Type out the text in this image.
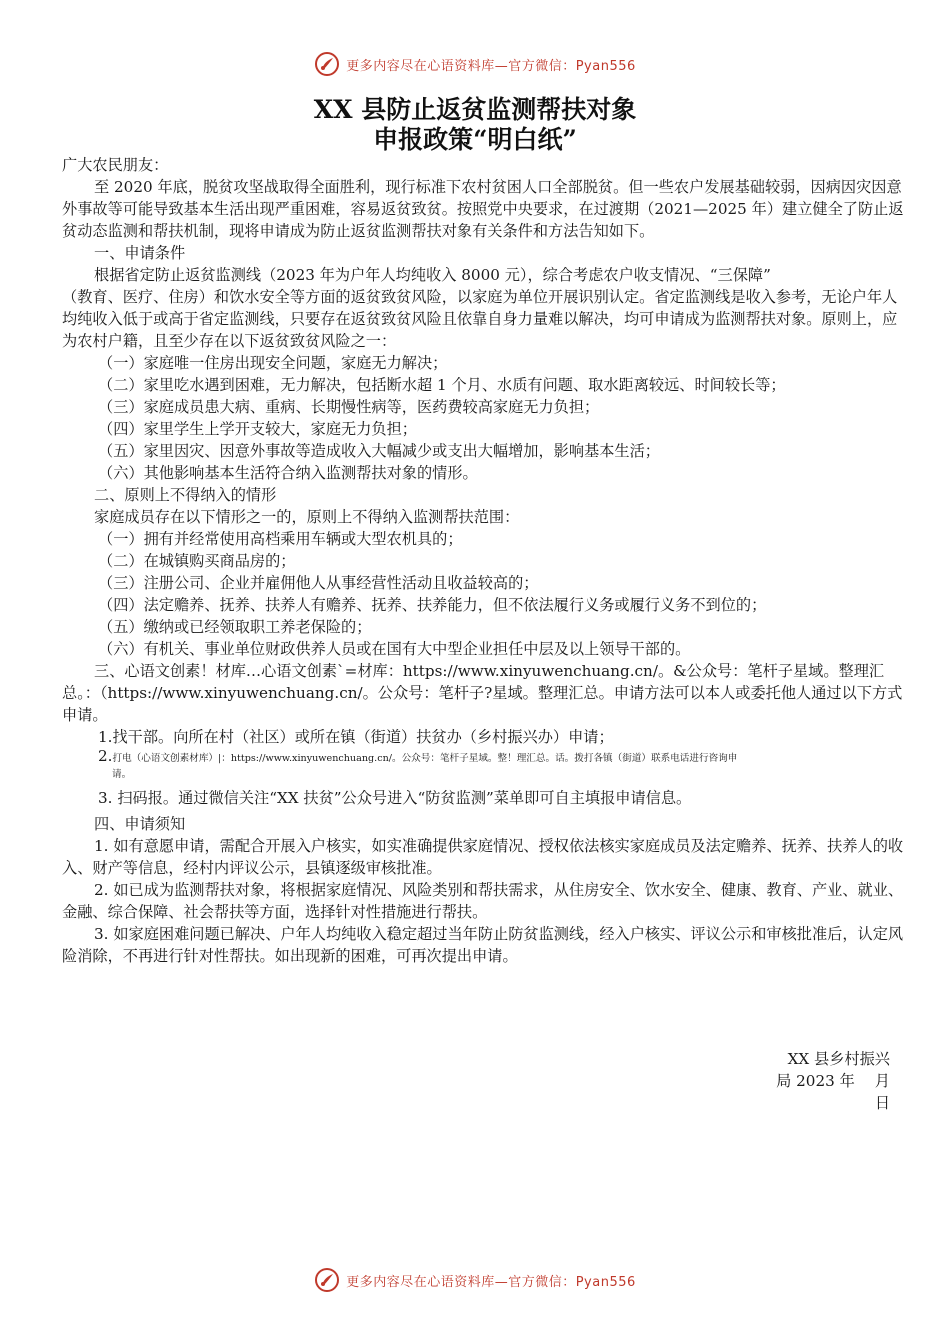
更多内容尽在心语资料库—官方微信：Pyan556
XX 县防止返贫监测帮扶对象
申报政策“明白纸”

广大农民朋友：

至 2020 年底，脱贫攻坚战取得全面胜利，现行标准下农村贫困人口全部脱贫。但一些农户发展基础较弱，因病因灾因意外事故等可能导致基本生活出现严重困难，容易返贫致贫。按照党中央要求，在过渡期（2021—2025 年）建立健全了防止返贫动态监测和帮扶机制，现将申请成为防止返贫监测帮扶对象有关条件和方法告知如下。

一、申请条件

根据省定防止返贫监测线（2023 年为户年人均纯收入 8000 元），综合考虑农户收支情况、“三保障”

（教育、医疗、住房）和饮水安全等方面的返贫致贫风险，以家庭为单位开展识别认定。省定监测线是收入参考，无论户年人均纯收入低于或高于省定监测线，只要存在返贫致贫风险且依靠自身力量难以解决，均可申请成为监测帮扶对象。原则上，应为农村户籍，且至少存在以下返贫致贫风险之一：

（一）家庭唯一住房出现安全问题，家庭无力解决；

（二）家里吃水遇到困难，无力解决，包括断水超 1 个月、水质有问题、取水距离较远、时间较长等；

（三）家庭成员患大病、重病、长期慢性病等，医药费较高家庭无力负担；

（四）家里学生上学开支较大，家庭无力负担；

（五）家里因灾、因意外事故等造成收入大幅减少或支出大幅增加，影响基本生活；

（六）其他影响基本生活符合纳入监测帮扶对象的情形。

二、原则上不得纳入的情形

家庭成员存在以下情形之一的，原则上不得纳入监测帮扶范围：

（一）拥有并经常使用高档乘用车辆或大型农机具的；

（二）在城镇购买商品房的；

（三）注册公司、企业并雇佣他人从事经营性活动且收益较高的；

（四）法定赡养、抚养、扶养人有赡养、抚养、扶养能力，但不依法履行义务或履行义务不到位的；

（五）缴纳或已经领取职工养老保险的；

（六）有机关、事业单位财政供养人员或在国有大中型企业担任中层及以上领导干部的。

三、心语文创素！材库…心语文创素`=材库：https://www.xinyuwenchuang.cn/。&公众号：笔杆子星域。整理汇总。：（https://www.xinyuwenchuang.cn/。公众号：笔杆子?星域。整理汇总。申请方法可以本人或委托他人通过以下方式申请。

1.找干部。向所在村（社区）或所在镇（街道）扶贫办（乡村振兴办）申请；

2.打电（心语文创素材库）|：https://www.xinyuwenchuang.cn/。公众号：笔杆子星域。整！理汇总。话。拨打各镇（街道）联系电话进行咨询申

请。

3. 扫码报。通过微信关注“XX 扶贫”公众号进入“防贫监测”菜单即可自主填报申请信息。

四、申请须知

1. 如有意愿申请，需配合开展入户核实，如实准确提供家庭情况、授权依法核实家庭成员及法定赡养、抚养、扶养人的收入、财产等信息，经村内评议公示，县镇逐级审核批准。

2. 如已成为监测帮扶对象，将根据家庭情况、风险类别和帮扶需求，从住房安全、饮水安全、健康、教育、产业、就业、金融、综合保障、社会帮扶等方面，选择针对性措施进行帮扶。

3. 如家庭困难问题已解决、户年人均纯收入稳定超过当年防止防贫监测线，经入户核实、评议公示和审核批准后，认定风险消除，不再进行针对性帮扶。如出现新的困难，可再次提出申请。

XX 县乡村振兴
局 2023 年　 月
日
更多内容尽在心语资料库—官方微信：Pyan556
